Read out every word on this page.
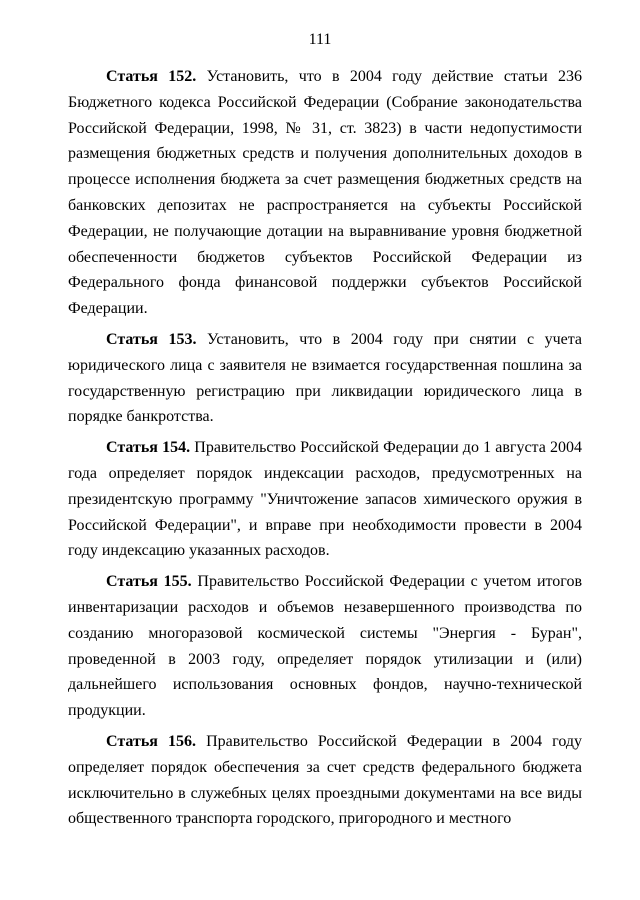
111

Статья 152. Установить, что в 2004 году действие статьи 236 Бюджетного кодекса Российской Федерации (Собрание законодательства Российской Федерации, 1998, № 31, ст. 3823) в части недопустимости размещения бюджетных средств и получения дополнительных доходов в процессе исполнения бюджета за счет размещения бюджетных средств на банковских депозитах не распространяется на субъекты Российской Федерации, не получающие дотации на выравнивание уровня бюджетной обеспеченности бюджетов субъектов Российской Федерации из Федерального фонда финансовой поддержки субъектов Российской Федерации.

Статья 153. Установить, что в 2004 году при снятии с учета юридического лица с заявителя не взимается государственная пошлина за государственную регистрацию при ликвидации юридического лица в порядке банкротства.

Статья 154. Правительство Российской Федерации до 1 августа 2004 года определяет порядок индексации расходов, предусмотренных на президентскую программу "Уничтожение запасов химического оружия в Российской Федерации", и вправе при необходимости провести в 2004 году индексацию указанных расходов.

Статья 155. Правительство Российской Федерации с учетом итогов инвентаризации расходов и объемов незавершенного производства по созданию многоразовой космической системы "Энергия - Буран", проведенной в 2003 году, определяет порядок утилизации и (или) дальнейшего использования основных фондов, научно-технической продукции.

Статья 156. Правительство Российской Федерации в 2004 году определяет порядок обеспечения за счет средств федерального бюджета исключительно в служебных целях проездными документами на все виды общественного транспорта городского, пригородного и местного
